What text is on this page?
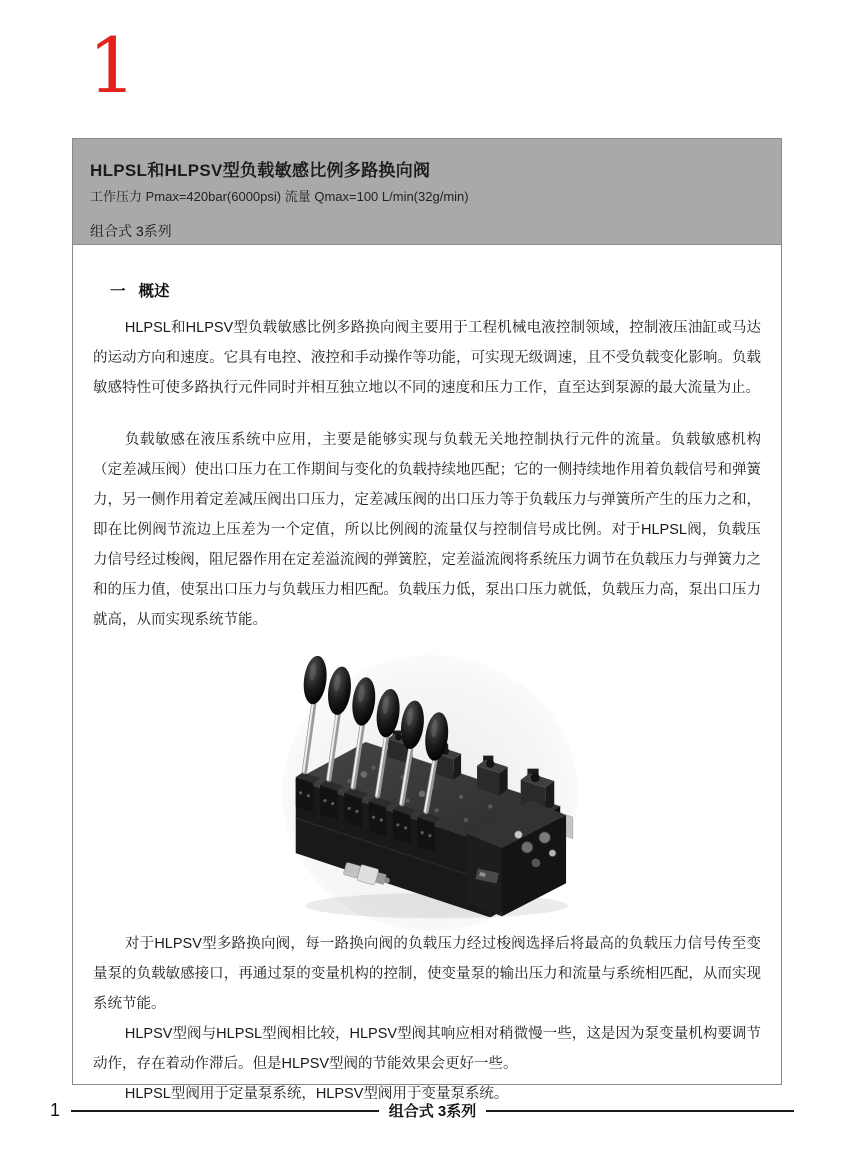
1
HLPSL和HLPSV型负载敏感比例多路换向阀
工作压力 Pmax=420bar(6000psi) 流量 Qmax=100 L/min(32g/min)
组合式 3系列
一 概述

HLPSL和HLPSV型负载敏感比例多路换向阀主要用于工程机械电液控制领域，控制液压油缸或马达的运动方向和速度。它具有电控、液控和手动操作等功能，可实现无级调速，且不受负载变化影响。负载敏感特性可使多路执行元件同时并相互独立地以不同的速度和压力工作，直至达到泵源的最大流量为止。

负载敏感在液压系统中应用，主要是能够实现与负载无关地控制执行元件的流量。负载敏感机构（定差减压阀）使出口压力在工作期间与变化的负载持续地匹配；它的一侧持续地作用着负载信号和弹簧力，另一侧作用着定差减压阀出口压力，定差减压阀的出口压力等于负载压力与弹簧所产生的压力之和，即在比例阀节流边上压差为一个定值，所以比例阀的流量仅与控制信号成比例。对于HLPSL阀，负载压力信号经过梭阀，阻尼器作用在定差溢流阀的弹簧腔，定差溢流阀将系统压力调节在负载压力与弹簧力之和的压力值，使泵出口压力与负载压力相匹配。负载压力低，泵出口压力就低，负载压力高，泵出口压力就高，从而实现系统节能。

对于HLPSV型多路换向阀，每一路换向阀的负载压力经过梭阀选择后将最高的负载压力信号传至变量泵的负载敏感接口，再通过泵的变量机构的控制，使变量泵的输出压力和流量与系统相匹配，从而实现系统节能。

HLPSV型阀与HLPSL型阀相比较，HLPSV型阀其响应相对稍微慢一些，这是因为泵变量机构要调节动作，存在着动作滞后。但是HLPSV型阀的节能效果会更好一些。

HLPSL型阀用于定量泵系统，HLPSV型阀用于变量泵系统。

1	组合式 3系列
